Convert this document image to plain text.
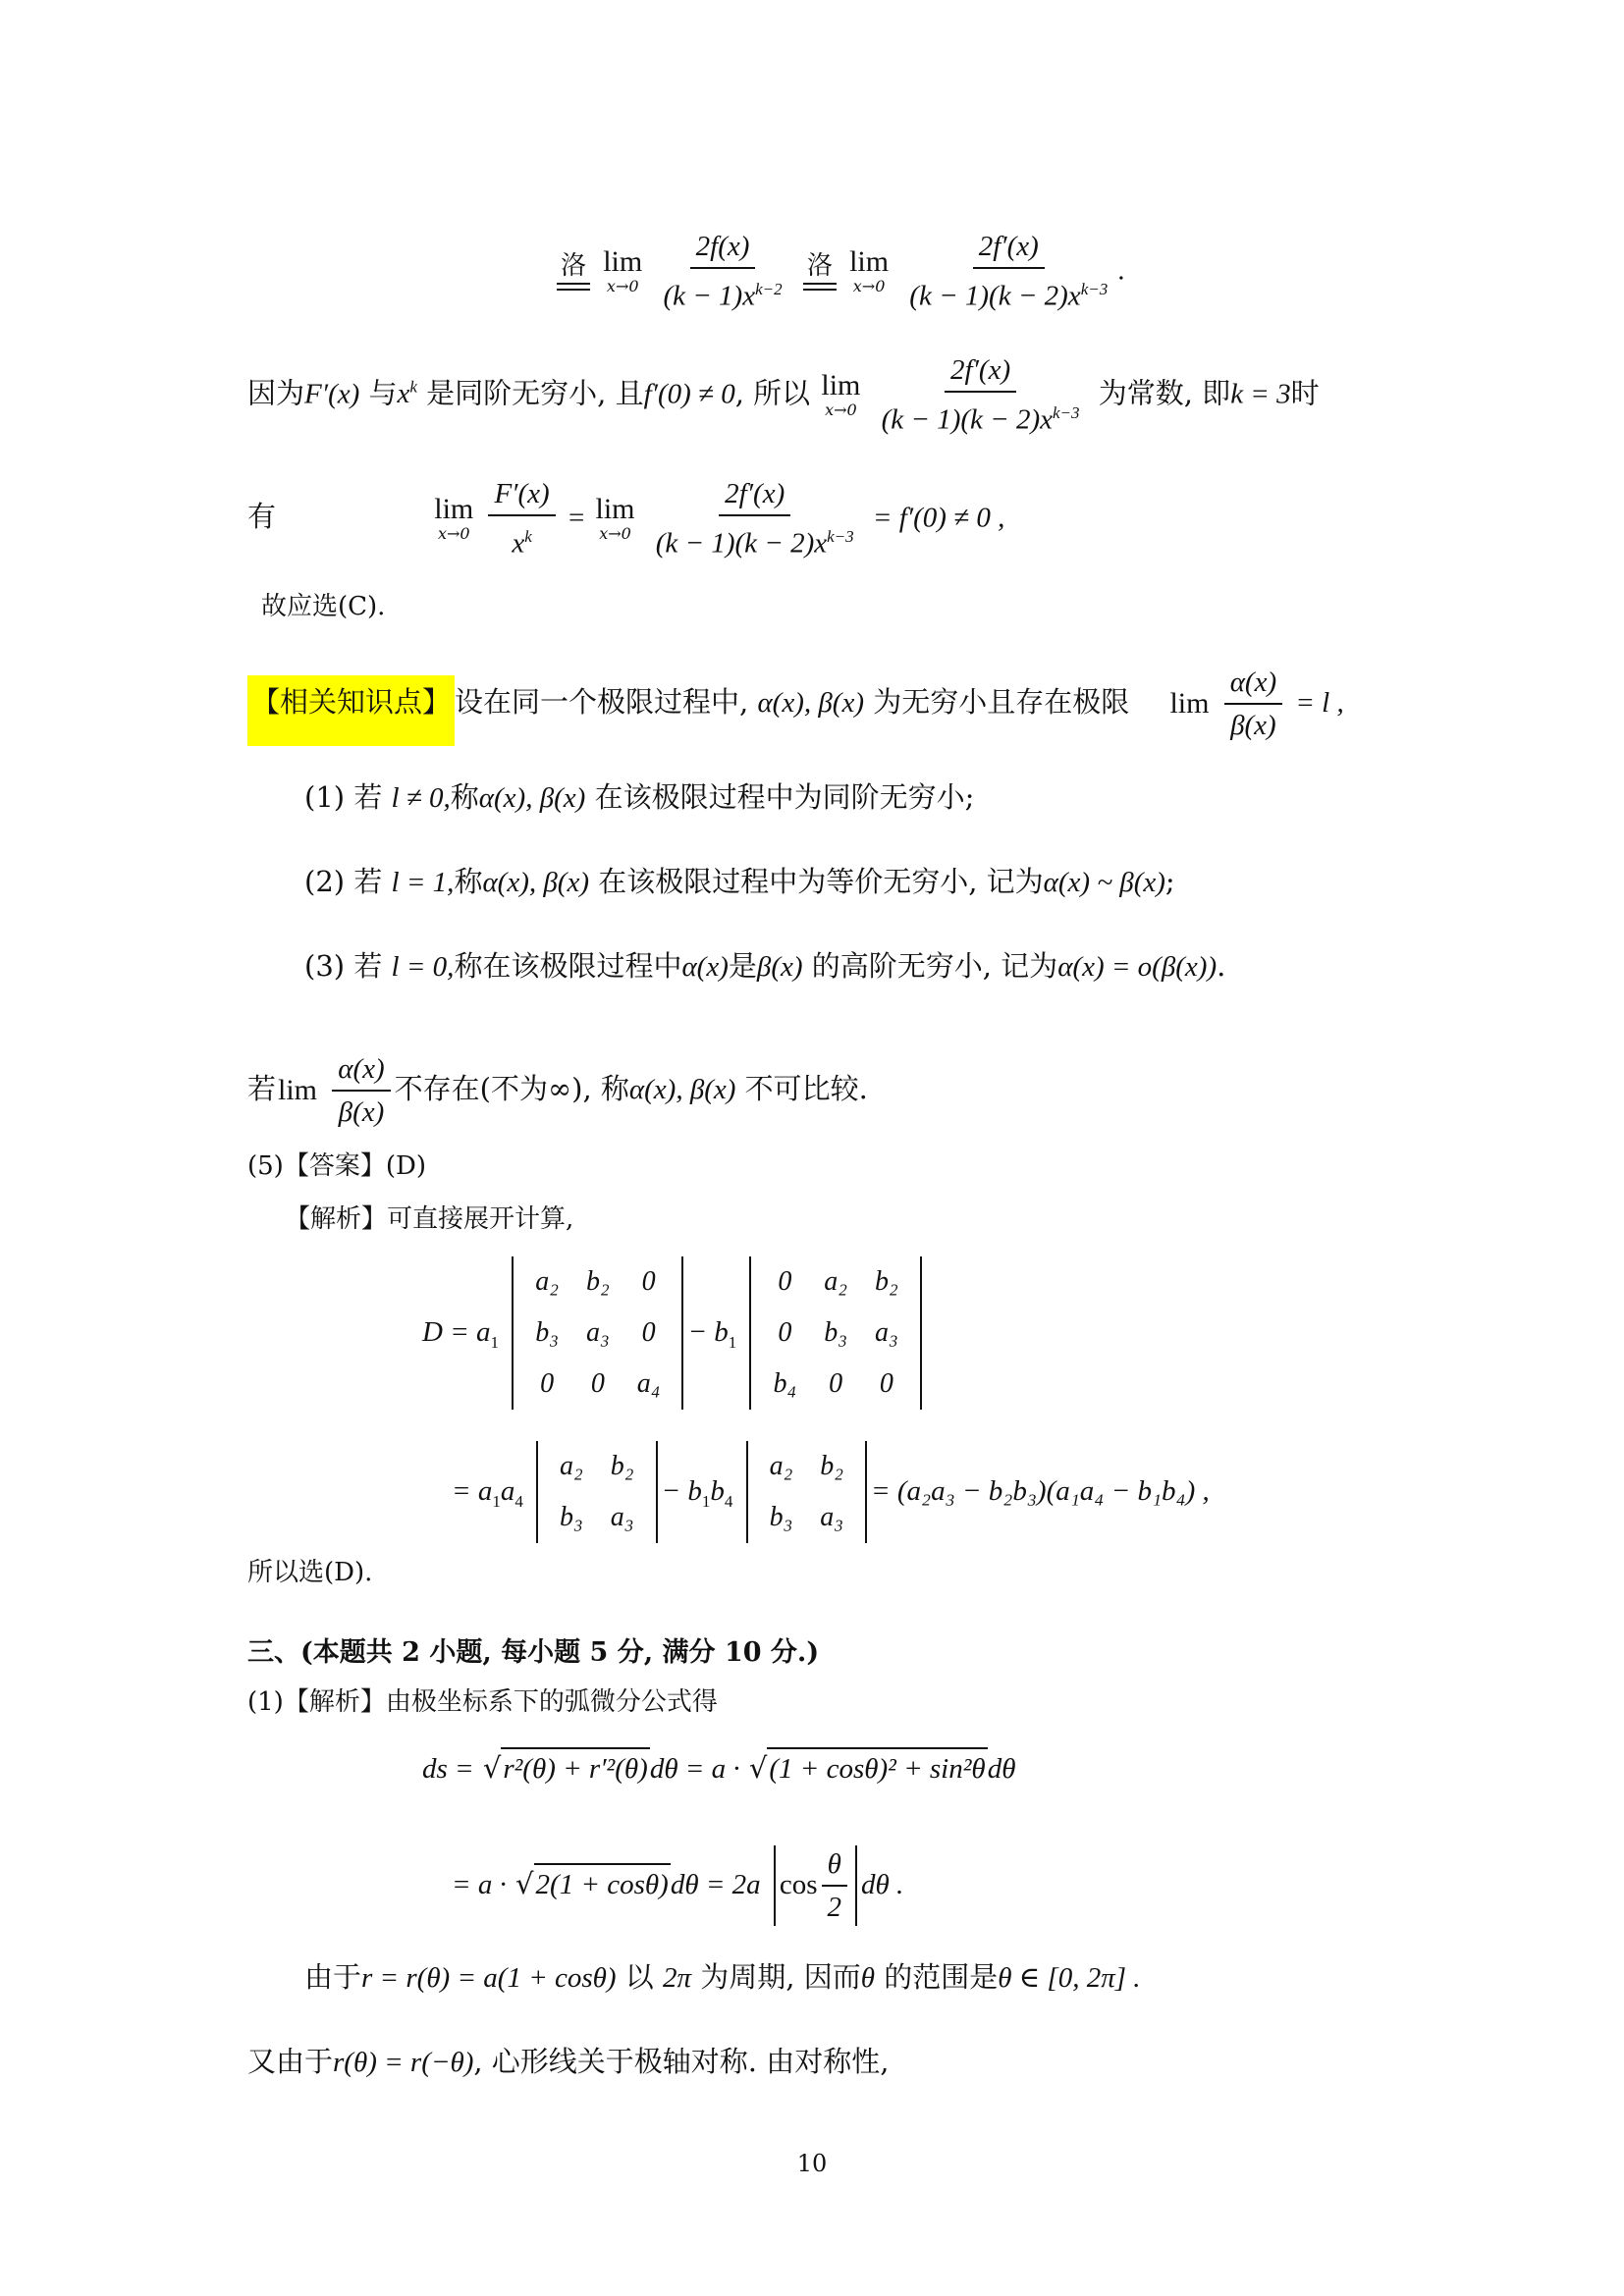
洛
lim
x→0
$\frac{2f(x)}{(k - 1)x^{k-2}}$
洛
lim
x→0
$\frac{2f'(x)}{(k - 1)(k - 2)x^{k-3}}$ .
因为F′(x) 与$x^k$ 是同阶无穷小, 且f′(0) ≠ 0, 所以 lim
x→0
$\frac{2f'(x)}{(k - 1)(k - 2)x^{k-3}}$ 为常数, 即k = 3时
有	lim
x→0
$\frac{F'(x)}{x^k} = \lim$
x→0
$\frac{2f'(x)}{(k - 1)(k - 2)x^{k-3}} = f'(0) \ne 0$ ,
故应选(C).
【相关知识点】 设在同一个极限过程中, α(x), β(x) 为无穷小且存在极限 lim
$\frac{\alpha(x)}{\beta(x)} = l$ ,
(1) 若 l ≠ 0,称α(x), β(x) 在该极限过程中为同阶无穷小;
(2) 若 l = 1,称α(x), β(x) 在该极限过程中为等价无穷小, 记为α(x) ~ β(x);
(3) 若 l = 0,称在该极限过程中α(x)是β(x) 的高阶无穷小, 记为α(x) = o(β(x)).
若 lim
$\frac{\alpha(x)}{\beta(x)}$ 不存在(不为∞), 称α(x), β(x) 不可比较.
(5)【答案】(D)
【解析】可直接展开计算,
$D = a_1$
a₂	b₂	0
b₃	a₃	0
0	0	a₄
− $b_1$
0	a₂	b₂
0	b₃	a₃
b₄	0	0
= $a_1a_4$
a₂	b₂
b₃	a₃
− $b_1b_4$
a₂	b₂
b₃	a₃
= (a₂a₃ − b₂b₃)(a₁a₄ − b₁b₄) ,
所以选(D).
三、(本题共 2 小题, 每小题 5 分, 满分 10 分.)
(1)【解析】由极坐标系下的弧微分公式得
ds = √r²(θ) + r′²(θ)dθ = a · √(1 + cosθ)² + sin²θdθ
= a · √2(1 + cosθ)dθ = 2a $\cos \frac{\theta}{2}$ dθ .
由于r = r(θ) = a(1 + cosθ) 以 2π 为周期, 因而θ 的范围是θ ∈ [0, 2π] .
又由于r(θ) = r(−θ), 心形线关于极轴对称. 由对称性,
10
